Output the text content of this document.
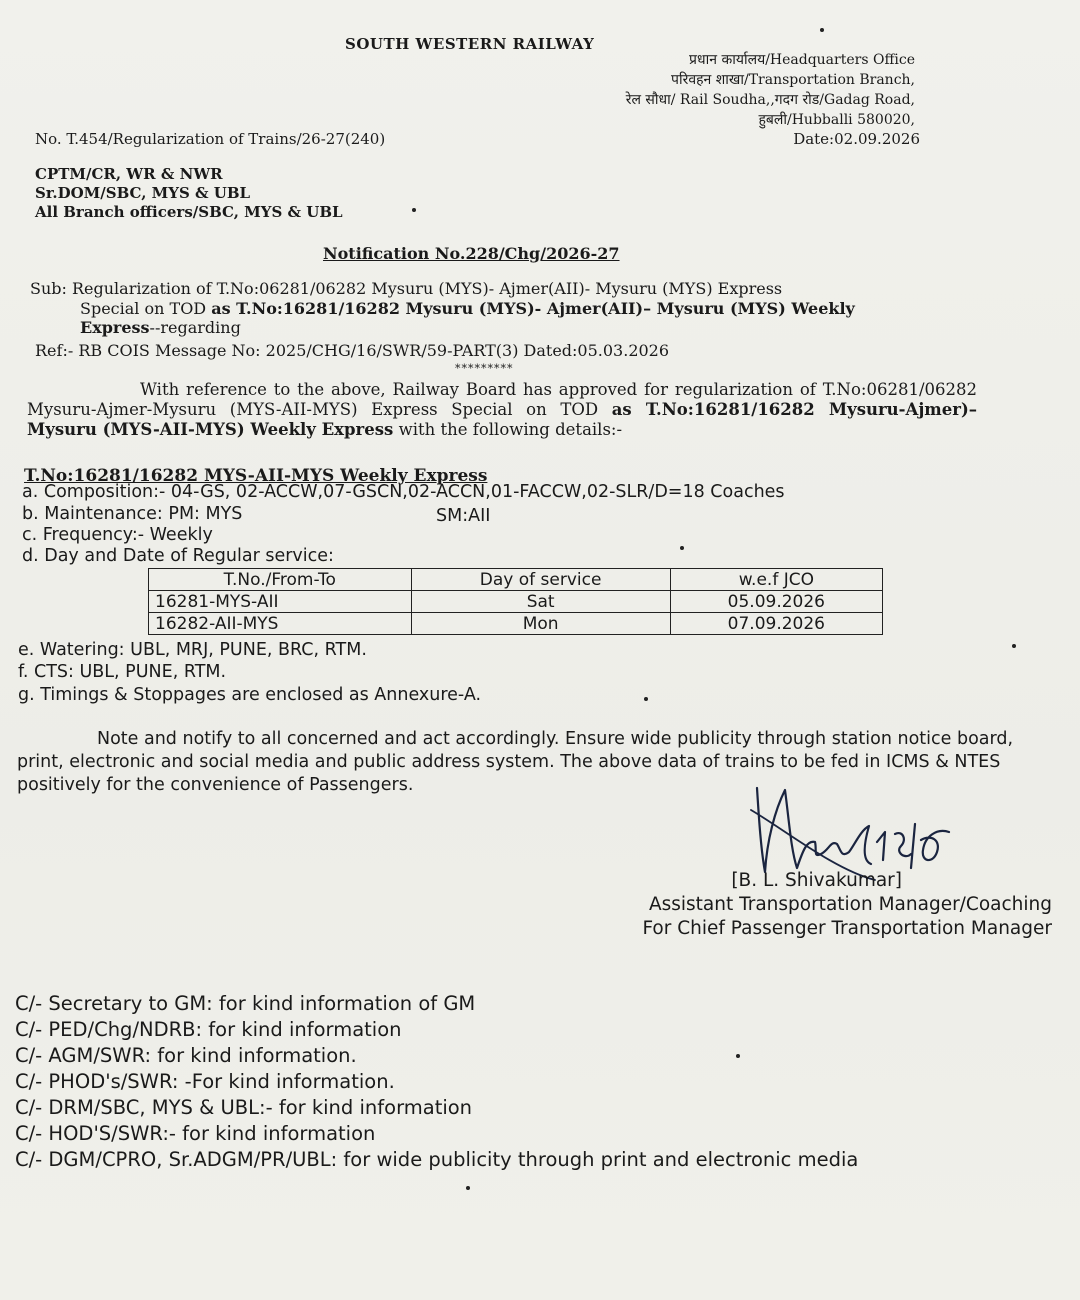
SOUTH WESTERN RAILWAY
प्रधान कार्यालय/Headquarters Office
परिवहन शाखा/Transportation Branch,
रेल सौधा/ Rail Soudha,,गदग रोड/Gadag Road,
हुबली/Hubballi 580020,
No. T.454/Regularization of Trains/26-27(240)	Date:02.09.2026
CPTM/CR, WR & NWR
Sr.DOM/SBC, MYS & UBL
All Branch officers/SBC, MYS & UBL
Notification No.228/Chg/2026-27
Sub: Regularization of T.No:06281/06282 Mysuru (MYS)- Ajmer(AII)- Mysuru (MYS) Express
Special on TOD as T.No:16281/16282 Mysuru (MYS)- Ajmer(AII)– Mysuru (MYS) Weekly
Express--regarding
Ref:- RB COIS Message No: 2025/CHG/16/SWR/59-PART(3) Dated:05.03.2026
*********

With reference to the above, Railway Board has approved for regularization of T.No:06281/06282 Mysuru-Ajmer-Mysuru (MYS-AII-MYS) Express Special on TOD as T.No:16281/16282 Mysuru-Ajmer)–Mysuru (MYS-AII-MYS) Weekly Express with the following details:-

T.No:16281/16282 MYS-AII-MYS Weekly Express
a. Composition:- 04-GS, 02-ACCW,07-GSCN,02-ACCN,01-FACCW,02-SLR/D=18 Coaches
b. Maintenance: PM: MYS	SM:AII
c. Frequency:- Weekly
d. Day and Date of Regular service:
T.No./From-To	Day of service	w.e.f JCO
16281-MYS-AII	Sat	05.09.2026
16282-AII-MYS	Mon	07.09.2026
e. Watering: UBL, MRJ, PUNE, BRC, RTM.
f. CTS: UBL, PUNE, RTM.
g. Timings & Stoppages are enclosed as Annexure-A.

Note and notify to all concerned and act accordingly. Ensure wide publicity through station notice board, print, electronic and social media and public address system. The above data of trains to be fed in ICMS & NTES positively for the convenience of Passengers.

[B. L. Shivakumar]
Assistant Transportation Manager/Coaching
For Chief Passenger Transportation Manager
C/- Secretary to GM: for kind information of GM
C/- PED/Chg/NDRB: for kind information
C/- AGM/SWR: for kind information.
C/- PHOD's/SWR: -For kind information.
C/- DRM/SBC, MYS & UBL:- for kind information
C/- HOD'S/SWR:- for kind information
C/- DGM/CPRO, Sr.ADGM/PR/UBL: for wide publicity through print and electronic media
